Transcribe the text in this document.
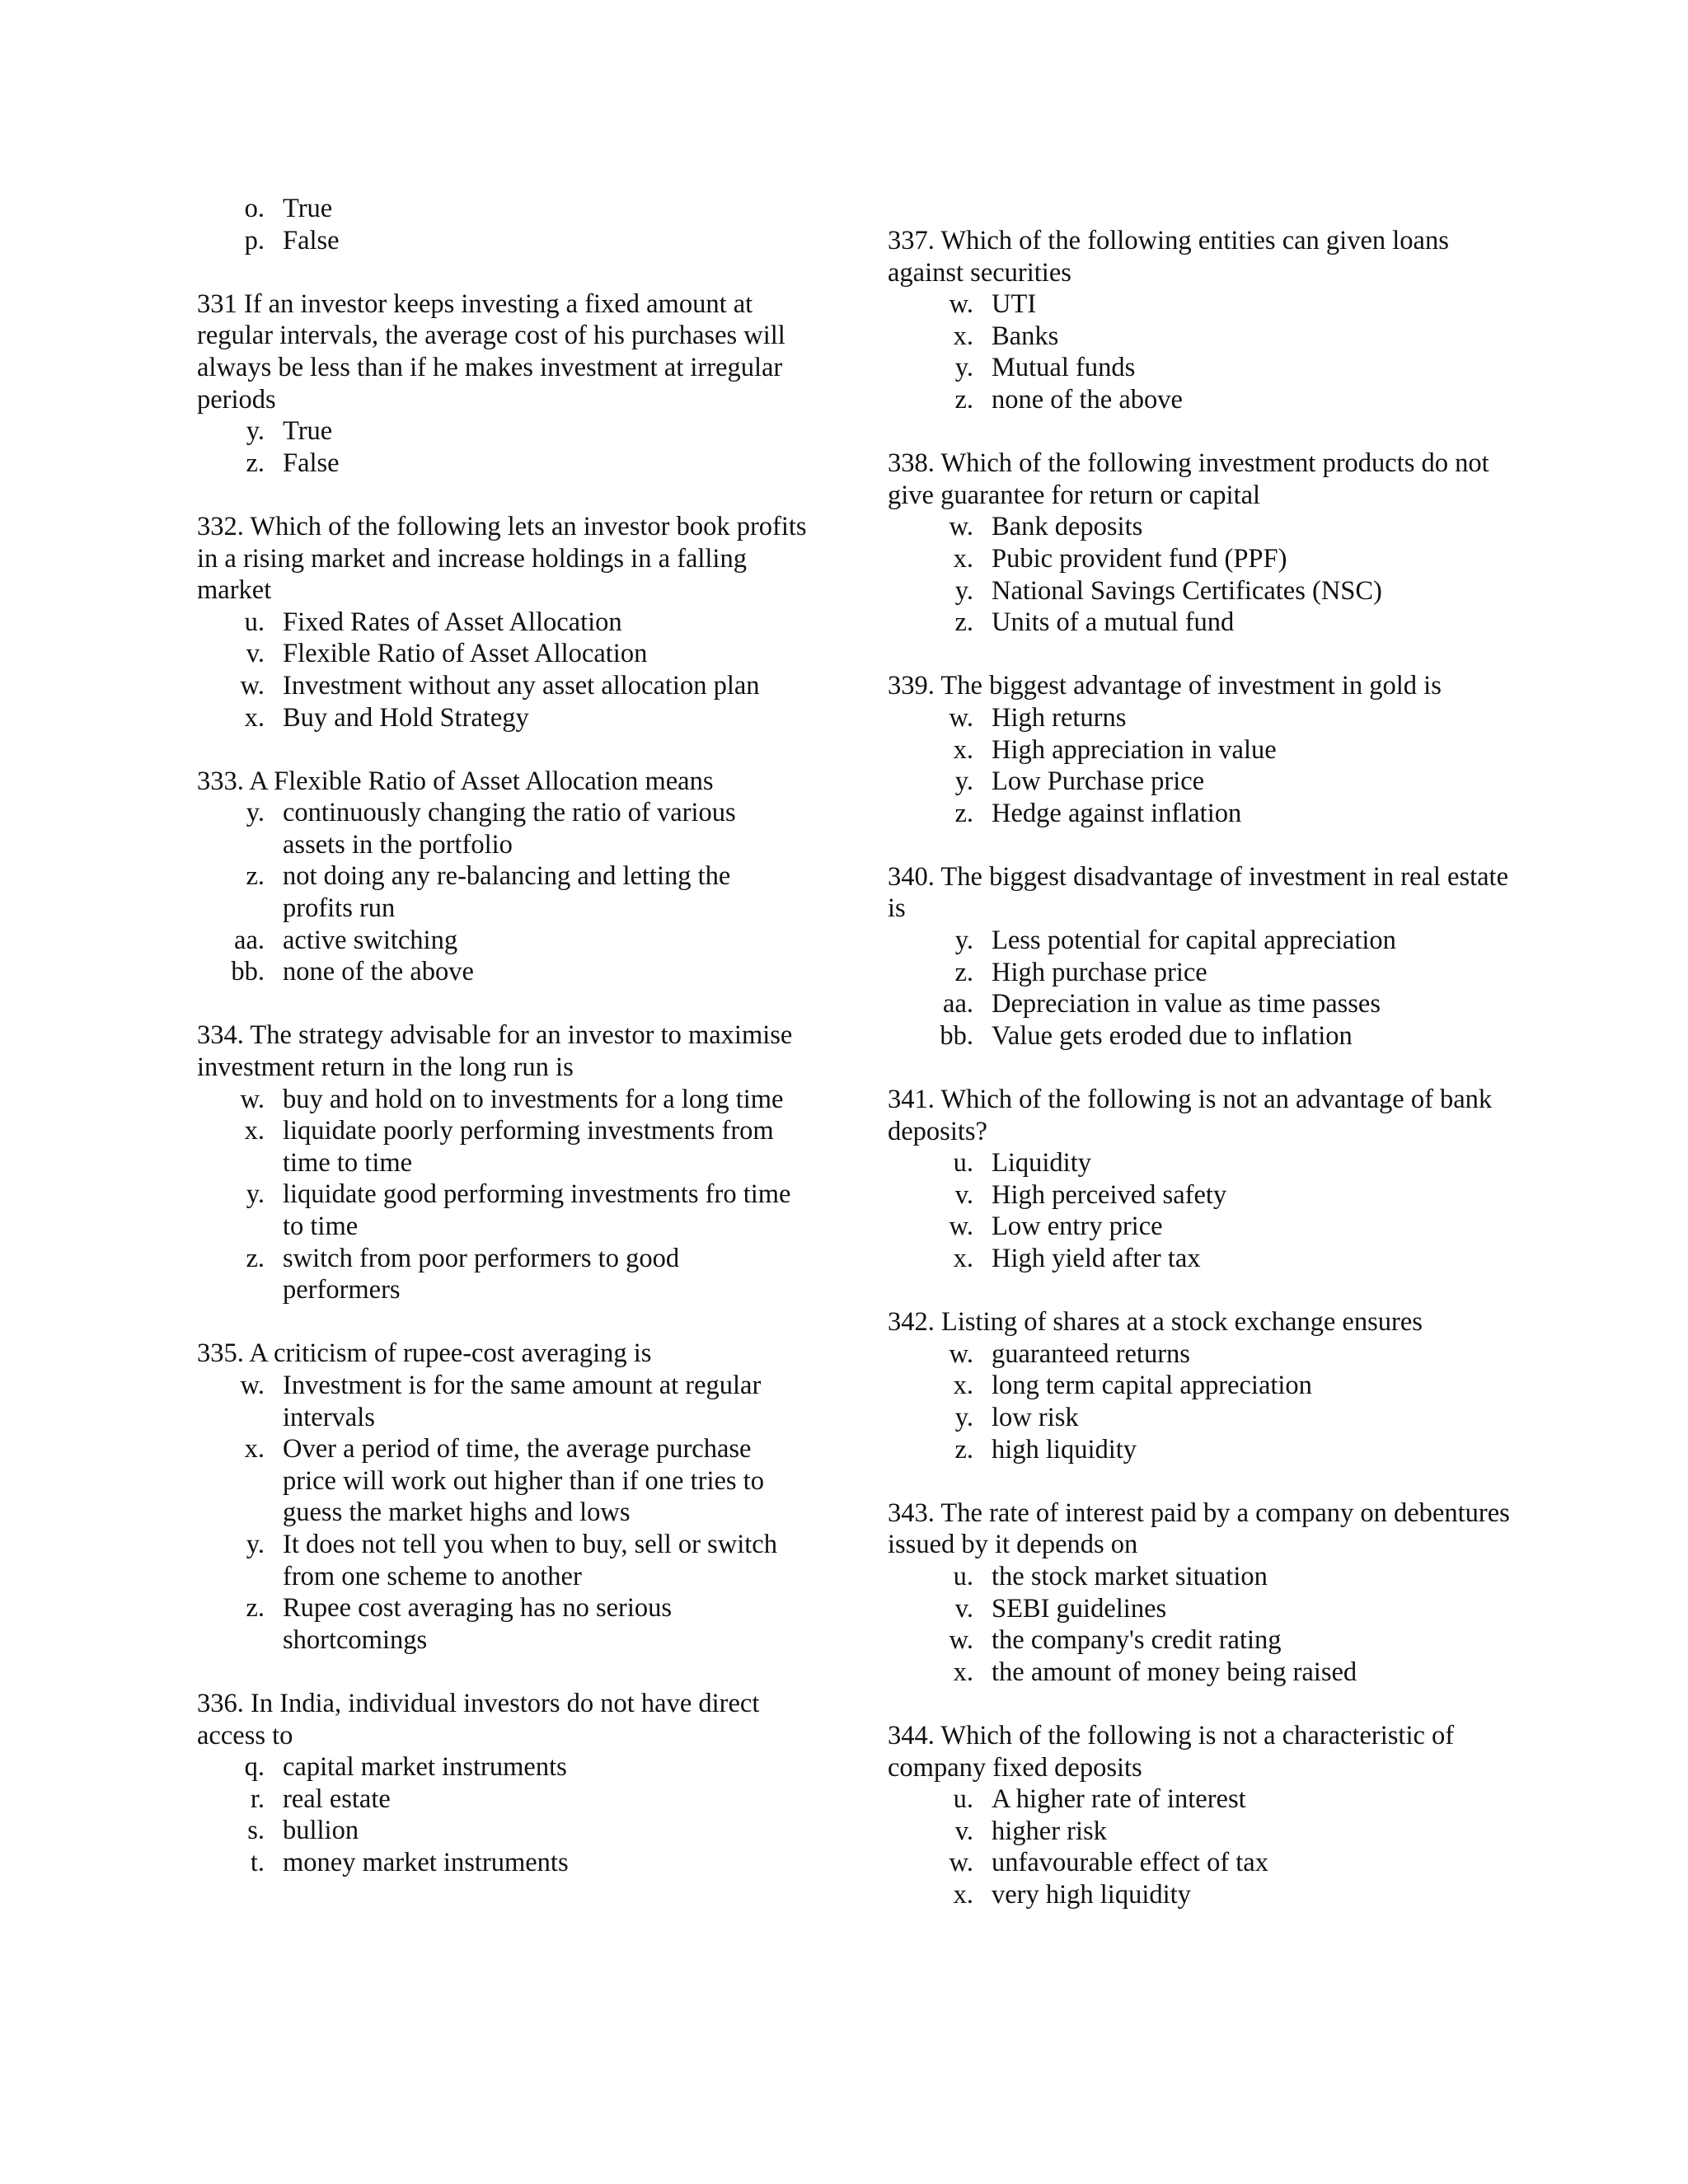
o. True
p. False
331 If an investor keeps investing a fixed amount at regular intervals, the average cost of his purchases will always be less than if he makes investment at irregular periods
y. True
z. False
332. Which of the following lets an investor book profits in a rising market and increase holdings in a falling market
u. Fixed Rates of Asset Allocation
v. Flexible Ratio of Asset Allocation
w. Investment without any asset allocation plan
x. Buy and Hold Strategy
333. A Flexible Ratio of Asset Allocation means
y. continuously changing the ratio of various assets in the portfolio
z. not doing any re-balancing and letting the profits run
aa. active switching
bb. none of the above
334. The strategy advisable for an investor to maximise investment return in the long run is
w. buy and hold on to investments for a long time
x. liquidate poorly performing investments from time to time
y. liquidate good performing investments fro time to time
z. switch from poor performers to good performers
335. A criticism of rupee-cost averaging is
w. Investment is for the same amount at regular intervals
x. Over a period of time, the average purchase price will work out higher than if one tries to guess the market highs and lows
y. It does not tell you when to buy, sell or switch from one scheme to another
z. Rupee cost averaging has no serious shortcomings
336. In India, individual investors do not have direct access to
q. capital market instruments
r. real estate
s. bullion
t. money market instruments
337. Which of the following entities can given loans against securities
w. UTI
x. Banks
y. Mutual funds
z. none of the above
338. Which of the following investment products do not give guarantee for return or capital
w. Bank deposits
x. Pubic provident fund (PPF)
y. National Savings Certificates (NSC)
z. Units of a mutual fund
339. The biggest advantage of investment in gold is
w. High returns
x. High appreciation in value
y. Low Purchase price
z. Hedge against inflation
340. The biggest disadvantage of investment in real estate is
y. Less potential for capital appreciation
z. High purchase price
aa. Depreciation in value as time passes
bb. Value gets eroded due to inflation
341. Which of the following is not an advantage of bank deposits?
u. Liquidity
v. High perceived safety
w. Low entry price
x. High yield after tax
342. Listing of shares at a stock exchange ensures
w. guaranteed returns
x. long term capital appreciation
y. low risk
z. high liquidity
343. The rate of interest paid by a company on debentures issued by it depends on
u. the stock market situation
v. SEBI guidelines
w. the company's credit rating
x. the amount of money being raised
344. Which of the following is not a characteristic of company fixed deposits
u. A higher rate of interest
v. higher risk
w. unfavourable effect of tax
x. very high liquidity
